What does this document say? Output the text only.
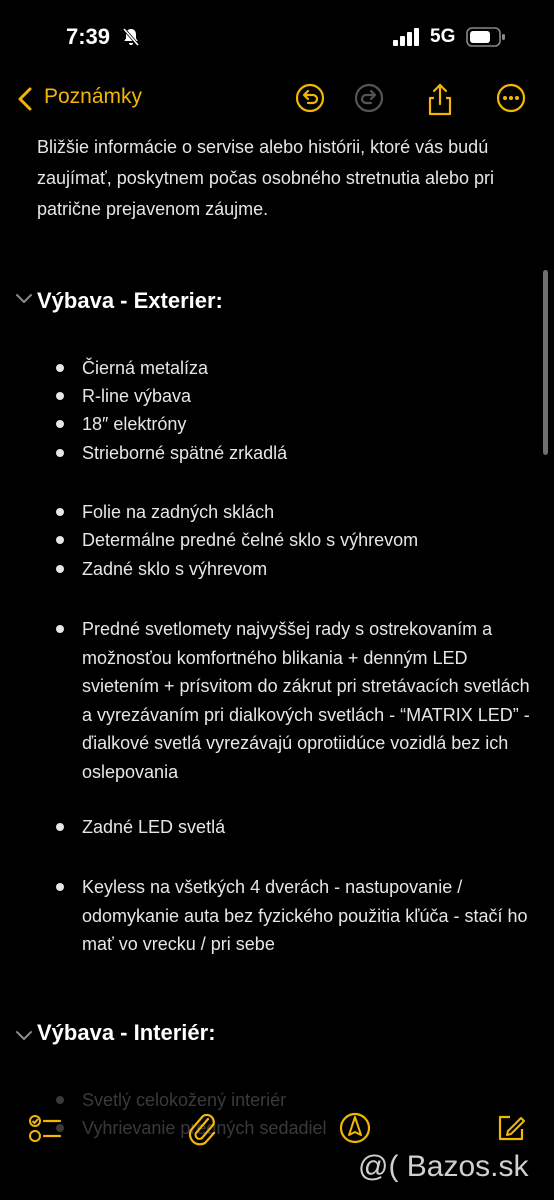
7:39	5G
Poznámky
Bližšie informácie o servise alebo histórii, ktoré vás budú zaujímať, poskytnem počas osobného stretnutia alebo pri patrične prejavenom záujme.
Výbava - Exterier:
Čierná metalíza
R-line výbava
18″ elektróny
Strieborné spätné zrkadlá
Folie na zadných sklách
Determálne predné čelné sklo s výhrevom
Zadné sklo s výhrevom
Predné svetlomety najvyššej rady s ostrekovaním a možnosťou komfortného blikania + denným LED svietením + prísvitom do zákrut pri stretávacích svetlách a vyrezávaním pri dialkových svetlách - “MATRIX LED” - ďialkové svetlá vyrezávajú oprotiidúce vozidlá bez ich oslepovania
Zadné LED svetlá
Keyless na všetkých 4 dverách - nastupovanie / odomykanie auta bez fyzického použitia kľúča - stačí ho mať vo vrecku / pri sebe
Výbava - Interiér:
Svetlý celokožený interiér
Vyhrievanie predných sedadiel
@( Bazos.sk
